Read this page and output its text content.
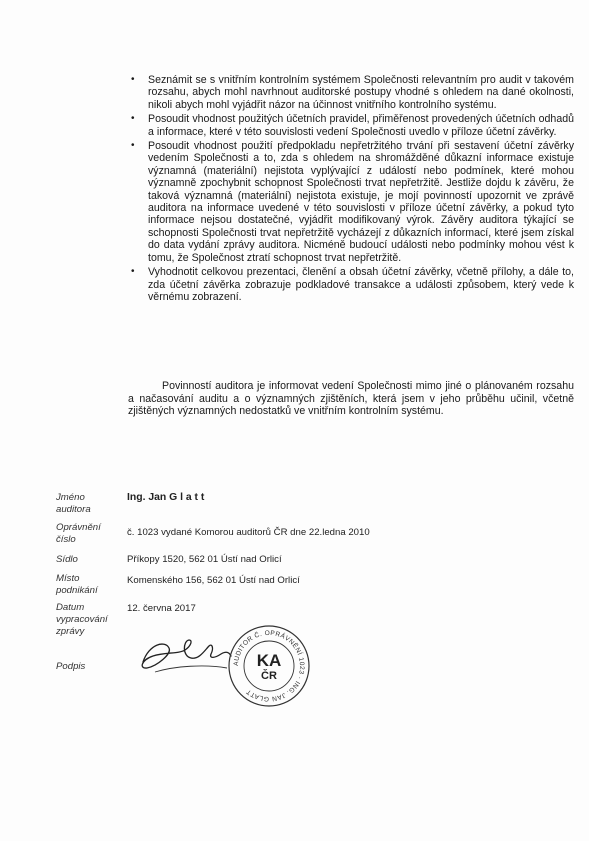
• Seznámit se s vnitřním kontrolním systémem Společnosti relevantním pro audit v takovém rozsahu, abych mohl navrhnout auditorské postupy vhodné s ohledem na dané okolnosti, nikoli abych mohl vyjádřit názor na účinnost vnitřního kontrolního systému.
• Posoudit vhodnost použitých účetních pravidel, přiměřenost provedených účetních odhadů a informace, které v této souvislosti vedení Společnosti uvedlo v příloze účetní závěrky.
• Posoudit vhodnost použití předpokladu nepřetržitého trvání při sestavení účetní závěrky vedením Společnosti a to, zda s ohledem na shromážděné důkazní informace existuje významná (materiální) nejistota vyplývající z událostí nebo podmínek, které mohou významně zpochybnit schopnost Společnosti trvat nepřetržitě. Jestliže dojdu k závěru, že taková významná (materiální) nejistota existuje, je mojí povinností upozornit ve zprávě auditora na informace uvedené v této souvislosti v příloze účetní závěrky, a pokud tyto informace nejsou dostatečné, vyjádřit modifikovaný výrok. Závěry auditora týkající se schopnosti Společnosti trvat nepřetržitě vycházejí z důkazních informací, které jsem získal do data vydání zprávy auditora. Nicméně budoucí události nebo podmínky mohou vést k tomu, že Společnost ztratí schopnost trvat nepřetržitě.
• Vyhodnotit celkovou prezentaci, členění a obsah účetní závěrky, včetně přílohy, a dále to, zda účetní závěrka zobrazuje podkladové transakce a události způsobem, který vede k věrnému zobrazení.

Povinností auditora je informovat vedení Společnosti mimo jiné o plánovaném rozsahu a načasování auditu a o významných zjištěních, která jsem v jeho průběhu učinil, včetně zjištěných významných nedostatků ve vnitřním kontrolním systému.

Jméno
auditora
Ing. Jan G l a t t
Oprávnění
číslo
č. 1023 vydané Komorou auditorů ČR dne 22.ledna 2010
Sídlo	Příkopy 1520, 562 01 Ústí nad Orlicí
Místo
podnikání
Komenského 156, 562 01 Ústí nad Orlicí
Datum
vypracování
zprávy
12. června 2017
Podpis	AUDITOR Č. OPRÁVNĚNÍ 1023 · ING. JAN GLATT
KA
ČR
